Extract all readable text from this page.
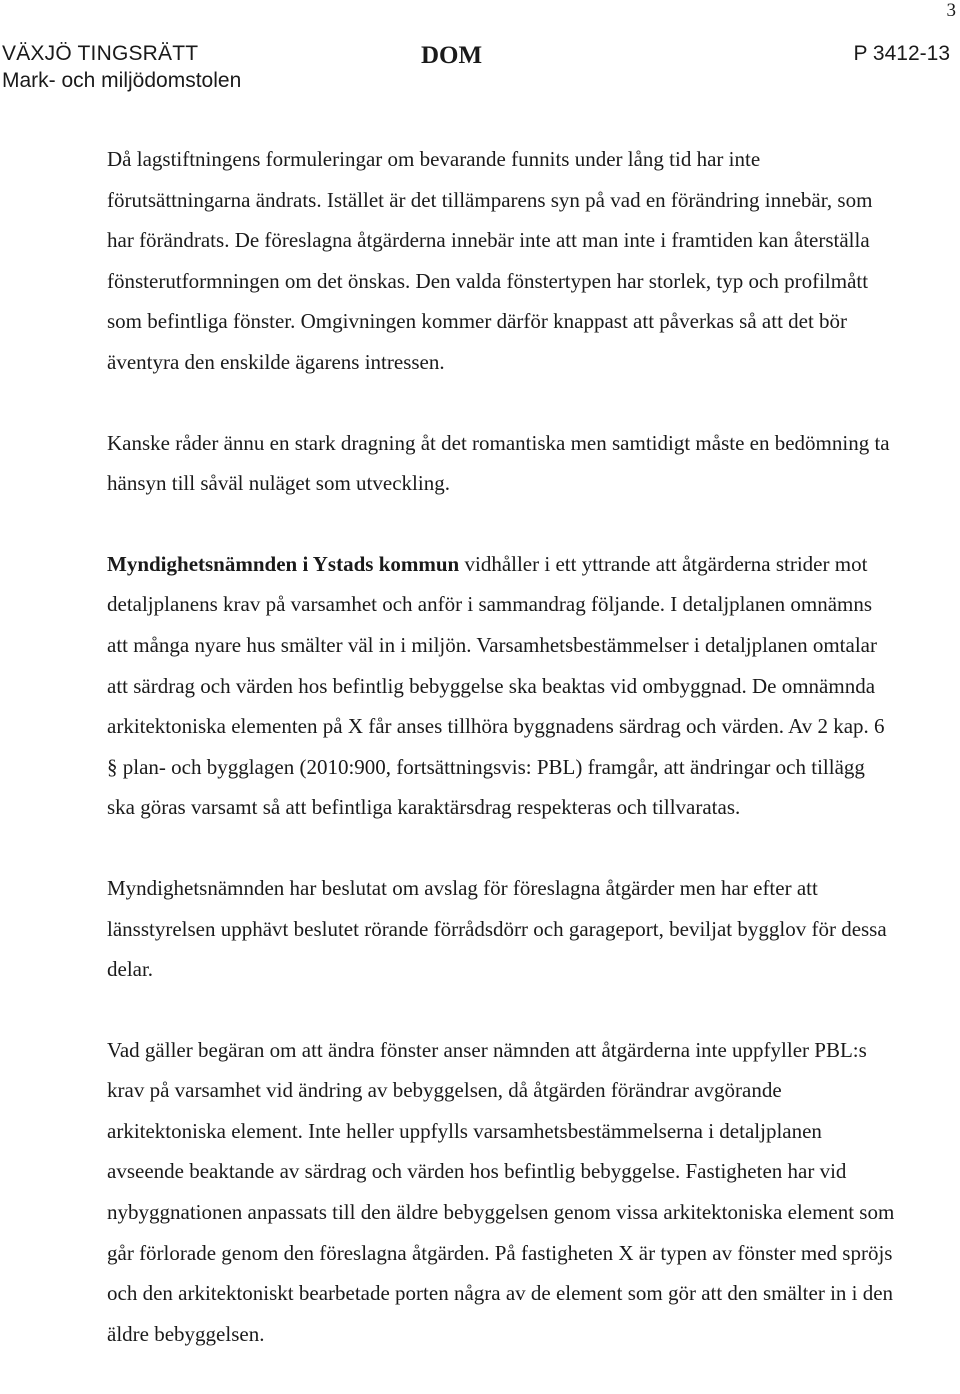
3
VÄXJÖ TINGSRÄTT
Mark- och miljödomstolen
DOM	P 3412-13

Då lagstiftningens formuleringar om bevarande funnits under lång tid har inte förutsättningarna ändrats. Istället är det tillämparens syn på vad en förändring innebär, som har förändrats. De föreslagna åtgärderna innebär inte att man inte i framtiden kan återställa fönsterutformningen om det önskas. Den valda fönstertypen har storlek, typ och profilmått som befintliga fönster. Omgivningen kommer därför knappast att påverkas så att det bör äventyra den enskilde ägarens intressen.

Kanske råder ännu en stark dragning åt det romantiska men samtidigt måste en bedömning ta hänsyn till såväl nuläget som utveckling.

Myndighetsnämnden i Ystads kommun vidhåller i ett yttrande att åtgärderna strider mot detaljplanens krav på varsamhet och anför i sammandrag följande. I detaljplanen omnämns att många nyare hus smälter väl in i miljön. Varsamhetsbestämmelser i detaljplanen omtalar att särdrag och värden hos befintlig bebyggelse ska beaktas vid ombyggnad. De omnämnda arkitektoniska elementen på X får anses tillhöra byggnadens särdrag och värden. Av 2 kap. 6 § plan- och bygglagen (2010:900, fortsättningsvis: PBL) framgår, att ändringar och tillägg ska göras varsamt så att befintliga karaktärsdrag respekteras och tillvaratas.

Myndighetsnämnden har beslutat om avslag för föreslagna åtgärder men har efter att länsstyrelsen upphävt beslutet rörande förrådsdörr och garageport, beviljat bygglov för dessa delar.

Vad gäller begäran om att ändra fönster anser nämnden att åtgärderna inte uppfyller PBL:s krav på varsamhet vid ändring av bebyggelsen, då åtgärden förändrar avgörande arkitektoniska element. Inte heller uppfylls varsamhetsbestämmelserna i detaljplanen avseende beaktande av särdrag och värden hos befintlig bebyggelse. Fastigheten har vid nybyggnationen anpassats till den äldre bebyggelsen genom vissa arkitektoniska element som går förlorade genom den föreslagna åtgärden. På fastigheten X är typen av fönster med spröjs och den arkitektoniskt bearbetade porten några av de element som gör att den smälter in i den äldre bebyggelsen.
